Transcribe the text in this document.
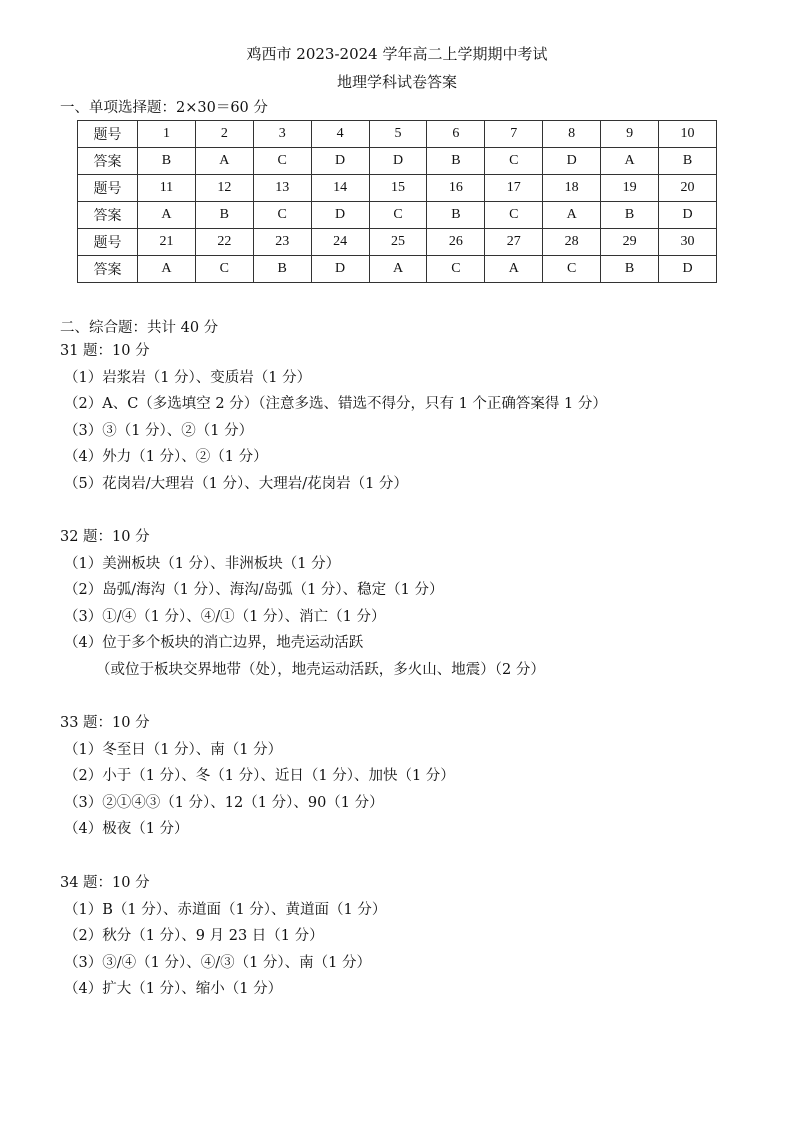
鸡西市 2023-2024 学年高二上学期期中考试
地理学科试卷答案
一、单项选择题：2×30＝60 分
题号	1	2	3	4	5	6	7	8	9	10
答案	B	A	C	D	D	B	C	D	A	B
题号	11	12	13	14	15	16	17	18	19	20
答案	A	B	C	D	C	B	C	A	B	D
题号	21	22	23	24	25	26	27	28	29	30
答案	A	C	B	D	A	C	A	C	B	D
二、综合题：共计 40 分
31 题：10 分
（1）岩浆岩（1 分）、变质岩（1 分）
（2）A、C（多选填空 2 分）（注意多选、错选不得分，只有 1 个正确答案得 1 分）
（3）③（1 分）、②（1 分）
（4）外力（1 分）、②（1 分）
（5）花岗岩/大理岩（1 分）、大理岩/花岗岩（1 分）
32 题：10 分
（1）美洲板块（1 分）、非洲板块（1 分）
（2）岛弧/海沟（1 分）、海沟/岛弧（1 分）、稳定（1 分）
（3）①/④（1 分）、④/①（1 分）、消亡（1 分）
（4）位于多个板块的消亡边界，地壳运动活跃
（或位于板块交界地带（处），地壳运动活跃，多火山、地震）（2 分）
33 题：10 分
（1）冬至日（1 分）、南（1 分）
（2）小于（1 分）、冬（1 分）、近日（1 分）、加快（1 分）
（3）②①④③（1 分）、12（1 分）、90（1 分）
（4）极夜（1 分）
34 题：10 分
（1）B（1 分）、赤道面（1 分）、黄道面（1 分）
（2）秋分（1 分）、9 月 23 日（1 分）
（3）③/④（1 分）、④/③（1 分）、南（1 分）
（4）扩大（1 分）、缩小（1 分）
